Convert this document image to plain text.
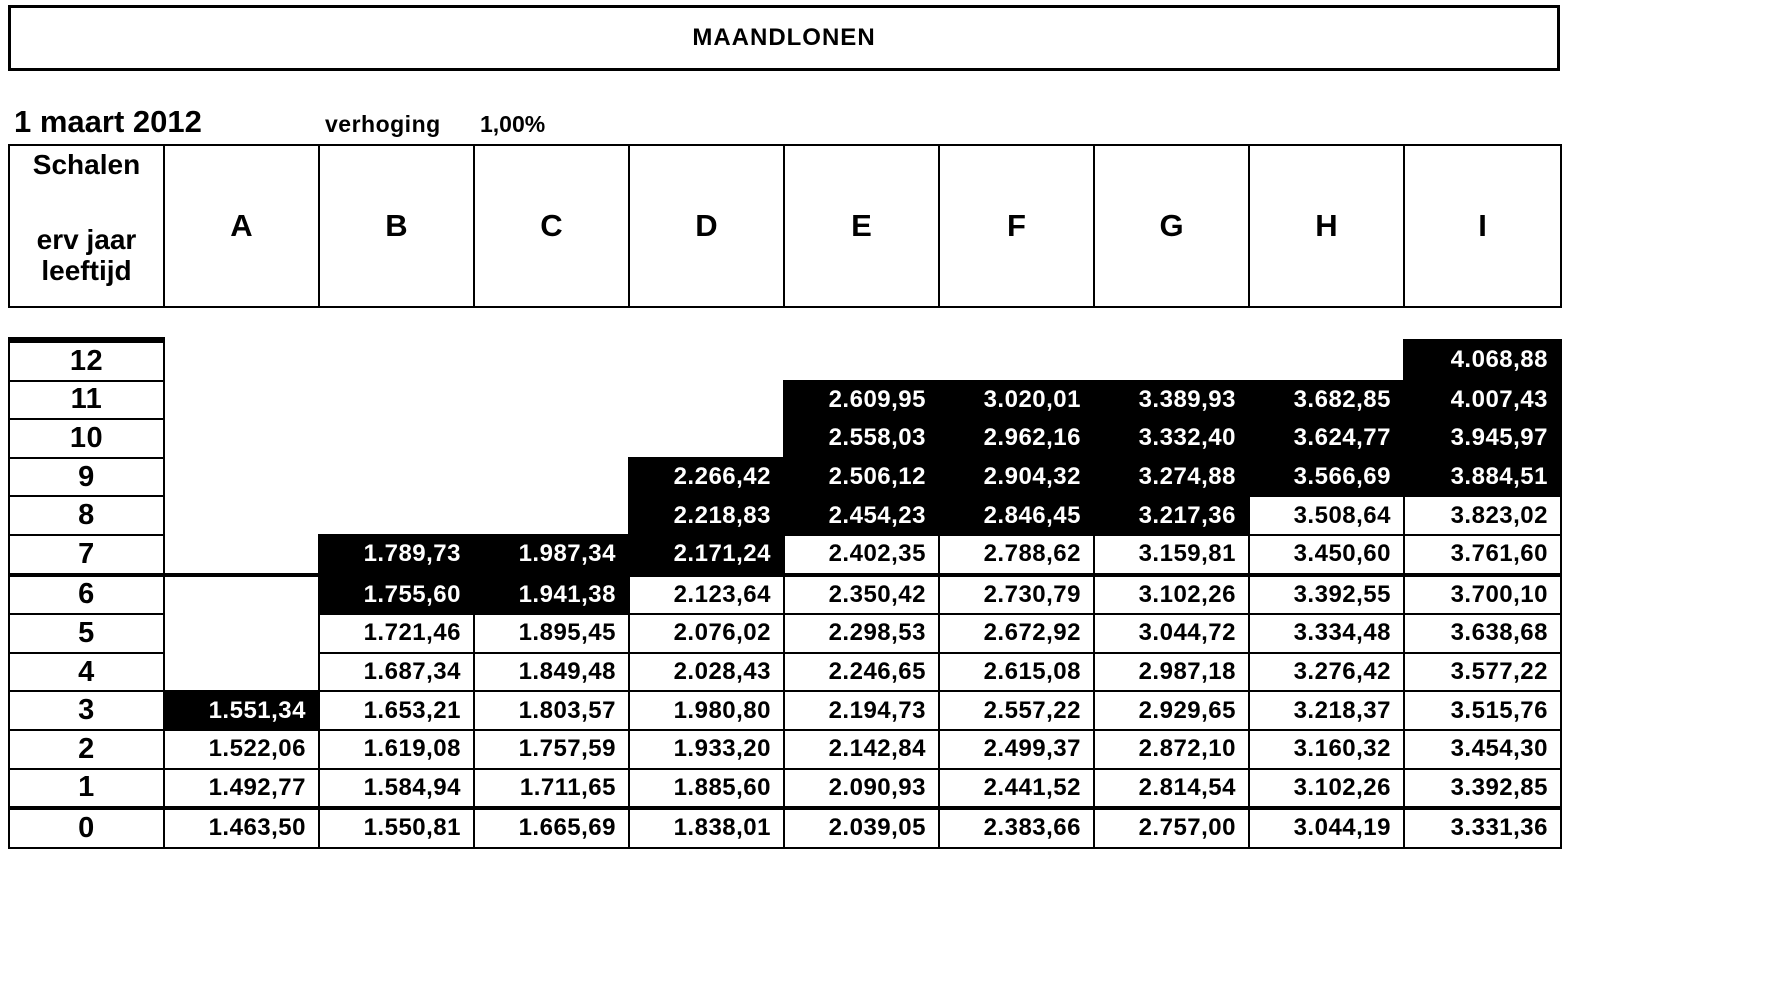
MAANDLONEN
1 maart 2012	verhoging 1,00%
Schalen
erv jaar
leeftijd
	A	B	C	D	E	F	G	H	I
12									4.068,88
11					2.609,95	3.020,01	3.389,93	3.682,85	4.007,43
10					2.558,03	2.962,16	3.332,40	3.624,77	3.945,97
9				2.266,42	2.506,12	2.904,32	3.274,88	3.566,69	3.884,51
8				2.218,83	2.454,23	2.846,45	3.217,36	3.508,64	3.823,02
7		1.789,73	1.987,34	2.171,24	2.402,35	2.788,62	3.159,81	3.450,60	3.761,60
6		1.755,60	1.941,38	2.123,64	2.350,42	2.730,79	3.102,26	3.392,55	3.700,10
5		1.721,46	1.895,45	2.076,02	2.298,53	2.672,92	3.044,72	3.334,48	3.638,68
4		1.687,34	1.849,48	2.028,43	2.246,65	2.615,08	2.987,18	3.276,42	3.577,22
3	1.551,34	1.653,21	1.803,57	1.980,80	2.194,73	2.557,22	2.929,65	3.218,37	3.515,76
2	1.522,06	1.619,08	1.757,59	1.933,20	2.142,84	2.499,37	2.872,10	3.160,32	3.454,30
1	1.492,77	1.584,94	1.711,65	1.885,60	2.090,93	2.441,52	2.814,54	3.102,26	3.392,85
0	1.463,50	1.550,81	1.665,69	1.838,01	2.039,05	2.383,66	2.757,00	3.044,19	3.331,36
